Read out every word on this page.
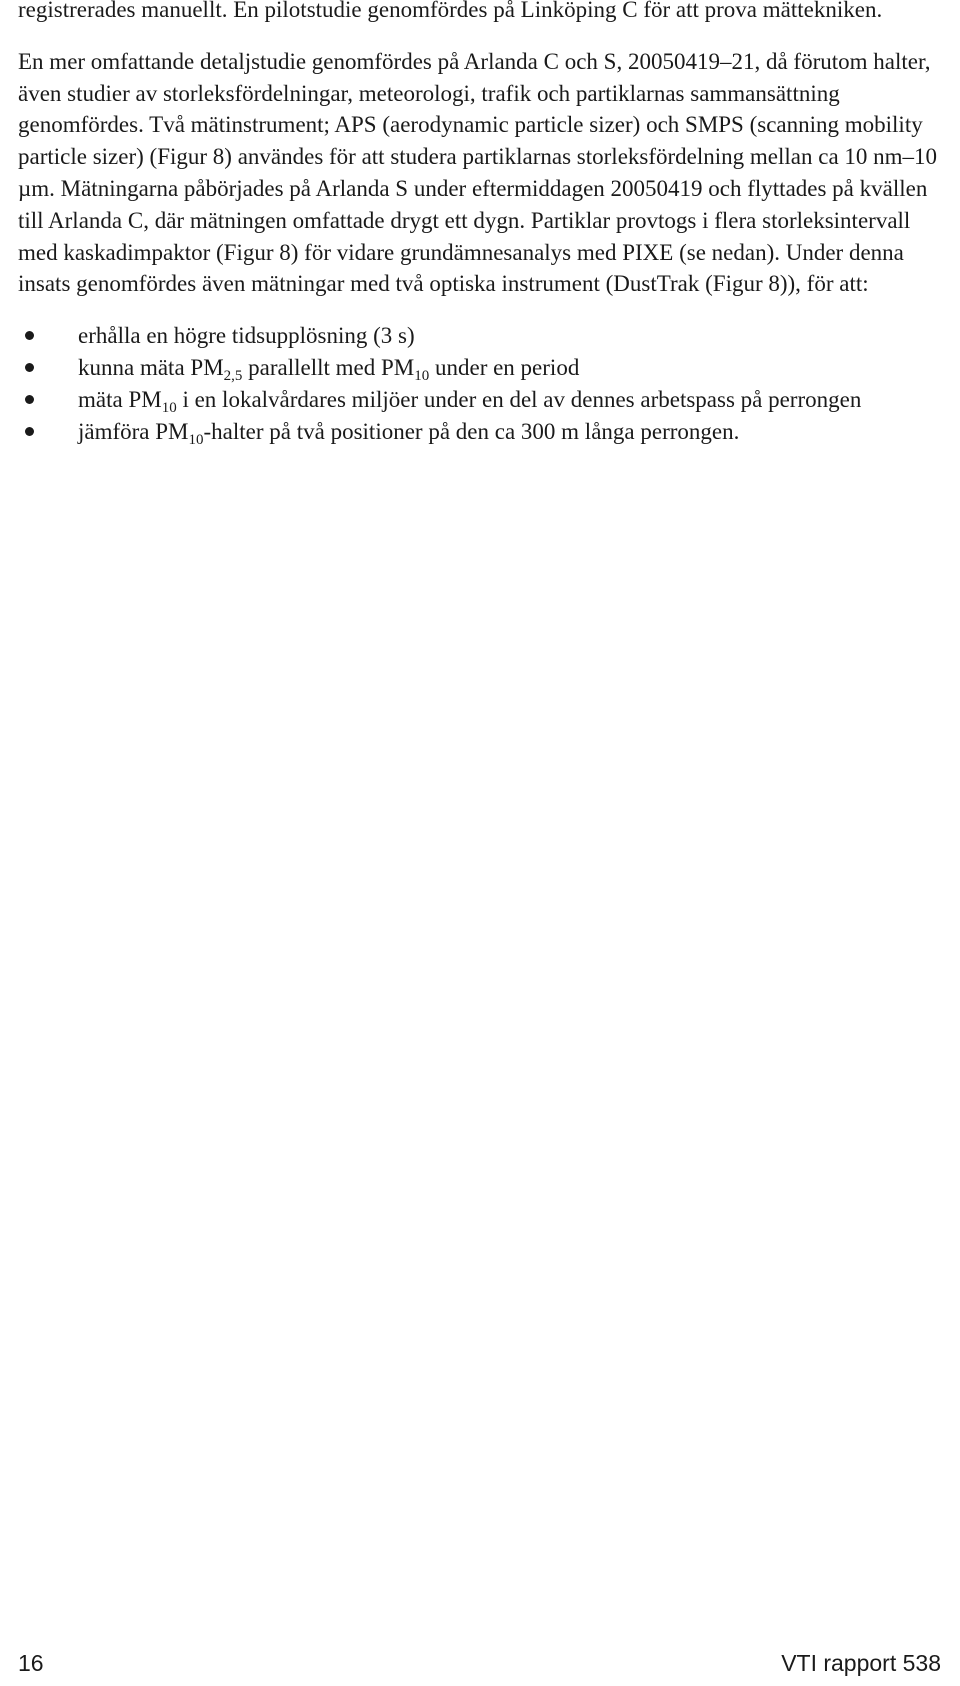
registrerades manuellt. En pilotstudie genomfördes på Linköping C för att prova mättekniken.

En mer omfattande detaljstudie genomfördes på Arlanda C och S, 20050419–21, då förutom halter, även studier av storleksfördelningar, meteorologi, trafik och partiklarnas sammansättning genomfördes. Två mätinstrument; APS (aerodynamic particle sizer) och SMPS (scanning mobility particle sizer) (Figur 8) användes för att studera partiklarnas storleksfördelning mellan ca 10 nm–10 µm. Mätningarna påbörjades på Arlanda S under eftermiddagen 20050419 och flyttades på kvällen till Arlanda C, där mätningen omfattade drygt ett dygn. Partiklar provtogs i flera storleksintervall med kaskadimpaktor (Figur 8) för vidare grundämnesanalys med PIXE (se nedan). Under denna insats genomfördes även mätningar med två optiska instrument (DustTrak (Figur 8)), för att:

erhålla en högre tidsupplösning (3 s)
kunna mäta $PM_{2,5}$ parallellt med $PM_{10}$ under en period
mäta $PM_{10}$ i en lokalvårdares miljöer under en del av dennes arbetspass på perrongen
jämföra $PM_{10}$-halter på två positioner på den ca 300 m långa perrongen.
16	VTI rapport 538
